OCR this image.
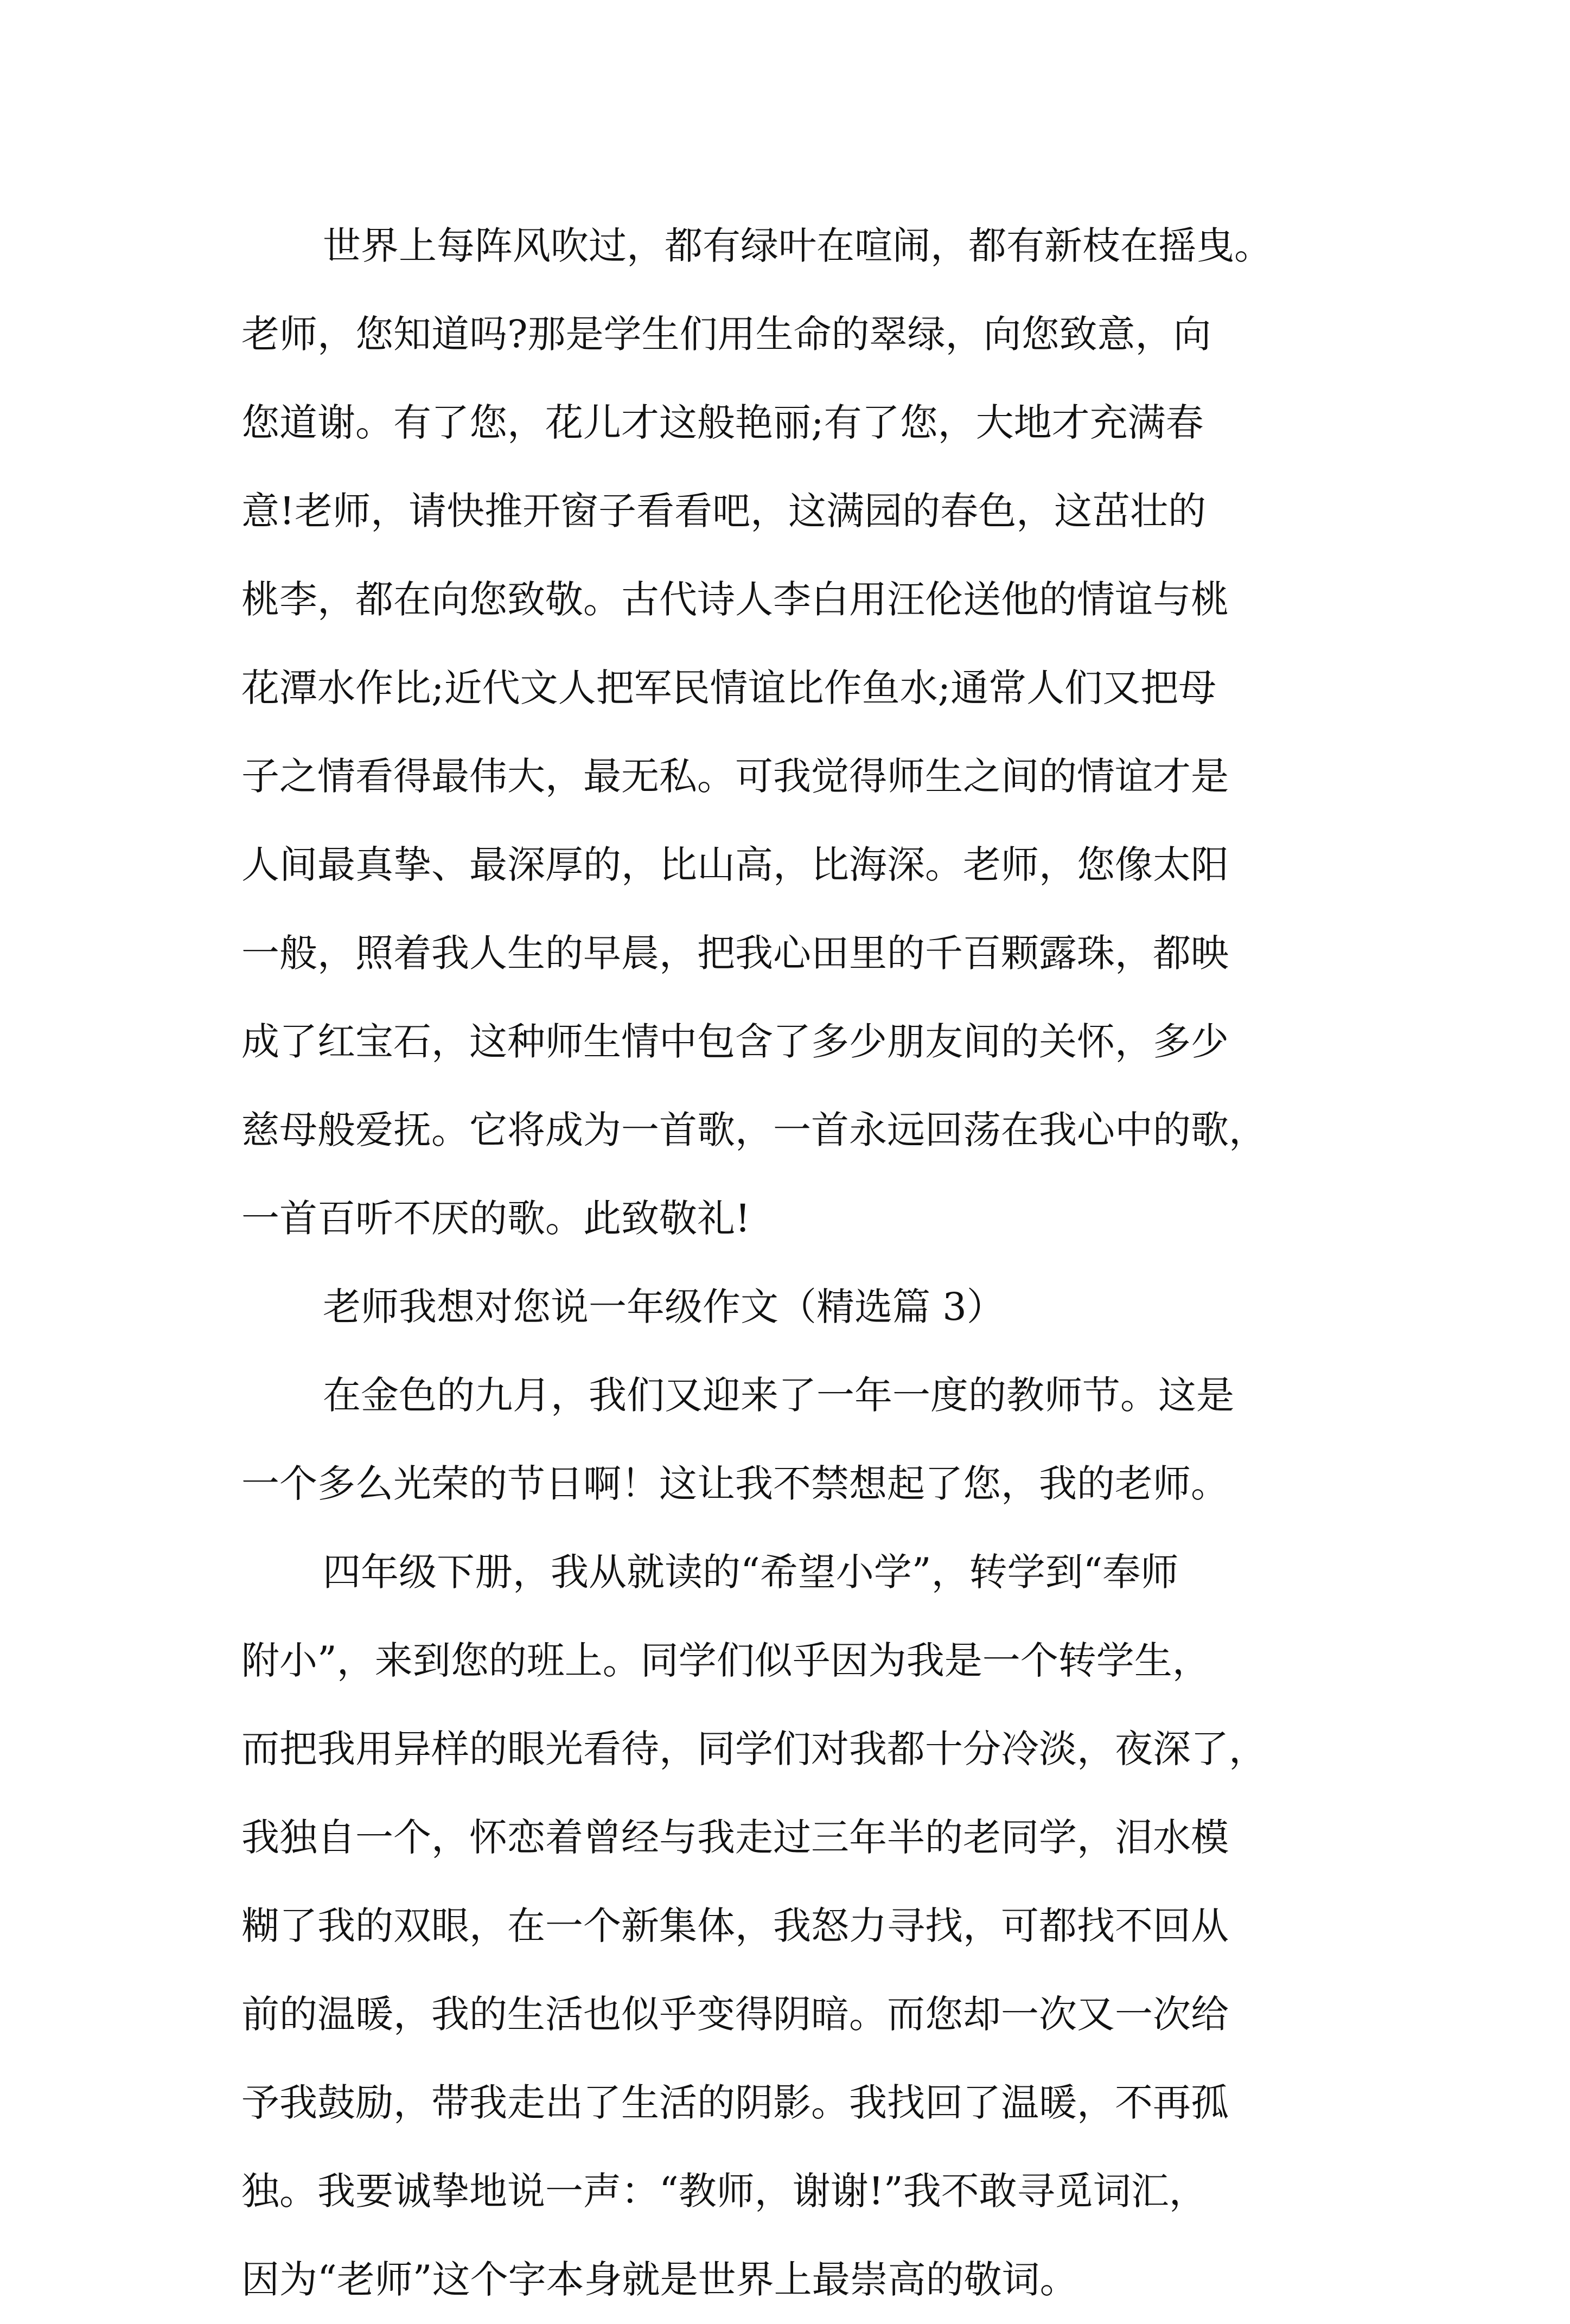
世界上每阵风吹过，都有绿叶在喧闹，都有新枝在摇曳。
老师，您知道吗?那是学生们用生命的翠绿，向您致意，向
您道谢。有了您，花儿才这般艳丽;有了您，大地才充满春
意!老师，请快推开窗子看看吧，这满园的春色，这茁壮的
桃李，都在向您致敬。古代诗人李白用汪伦送他的情谊与桃
花潭水作比;近代文人把军民情谊比作鱼水;通常人们又把母
子之情看得最伟大，最无私。可我觉得师生之间的情谊才是
人间最真挚、最深厚的，比山高，比海深。老师，您像太阳
一般，照着我人生的早晨，把我心田里的千百颗露珠，都映
成了红宝石，这种师生情中包含了多少朋友间的关怀，多少
慈母般爱抚。它将成为一首歌，一首永远回荡在我心中的歌，
一首百听不厌的歌。此致敬礼!
老师我想对您说一年级作文（精选篇 3）
在金色的九月，我们又迎来了一年一度的教师节。这是
一个多么光荣的节日啊！这让我不禁想起了您，我的老师。
四年级下册，我从就读的“希望小学”，转学到“奉师
附小”，来到您的班上。同学们似乎因为我是一个转学生，
而把我用异样的眼光看待，同学们对我都十分冷淡，夜深了，
我独自一个，怀恋着曾经与我走过三年半的老同学，泪水模
糊了我的双眼，在一个新集体，我怒力寻找，可都找不回从
前的温暖，我的生活也似乎变得阴暗。而您却一次又一次给
予我鼓励，带我走出了生活的阴影。我找回了温暖，不再孤
独。我要诚挚地说一声：“教师，谢谢!”我不敢寻觅词汇，
因为“老师”这个字本身就是世界上最崇高的敬词。
